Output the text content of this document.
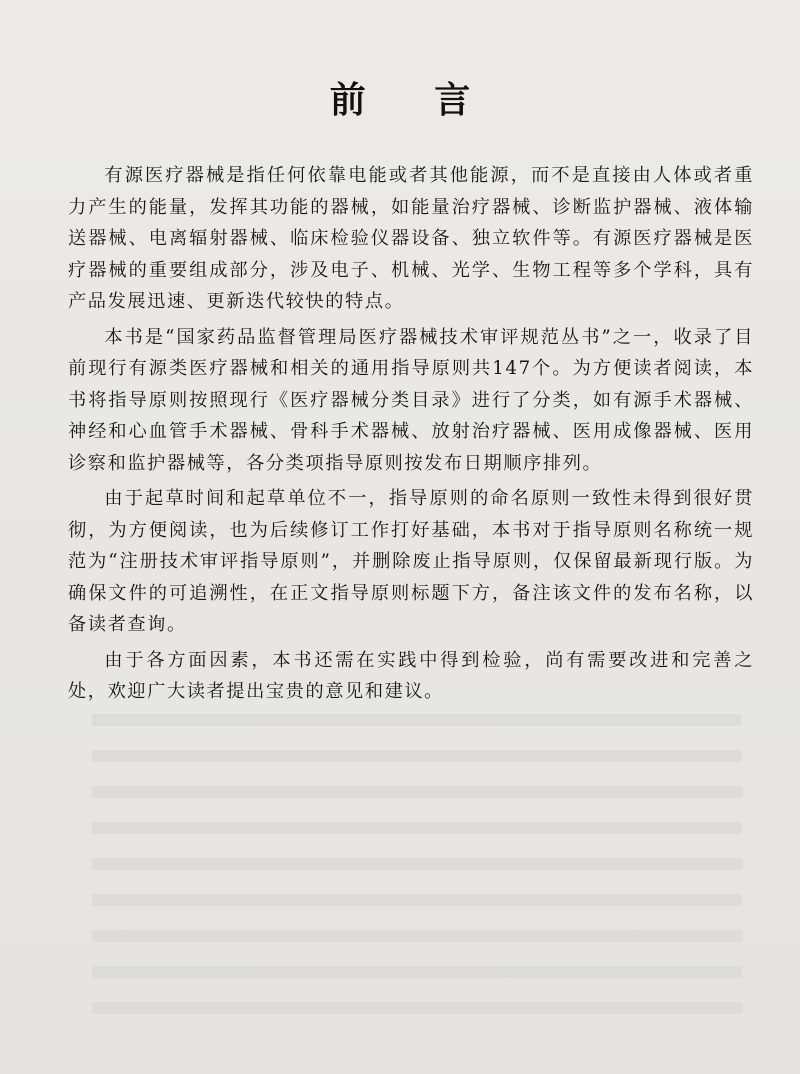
前 言

有源医疗器械是指任何依靠电能或者其他能源，而不是直接由人体或者重力产生的能量，发挥其功能的器械，如能量治疗器械、诊断监护器械、液体输送器械、电离辐射器械、临床检验仪器设备、独立软件等。有源医疗器械是医疗器械的重要组成部分，涉及电子、机械、光学、生物工程等多个学科，具有产品发展迅速、更新迭代较快的特点。

本书是“国家药品监督管理局医疗器械技术审评规范丛书”之一，收录了目前现行有源类医疗器械和相关的通用指导原则共147个。为方便读者阅读，本书将指导原则按照现行《医疗器械分类目录》进行了分类，如有源手术器械、神经和心血管手术器械、骨科手术器械、放射治疗器械、医用成像器械、医用诊察和监护器械等，各分类项指导原则按发布日期顺序排列。

由于起草时间和起草单位不一，指导原则的命名原则一致性未得到很好贯彻，为方便阅读，也为后续修订工作打好基础，本书对于指导原则名称统一规范为“注册技术审评指导原则”，并删除废止指导原则，仅保留最新现行版。为确保文件的可追溯性，在正文指导原则标题下方，备注该文件的发布名称，以备读者查询。

由于各方面因素，本书还需在实践中得到检验，尚有需要改进和完善之处，欢迎广大读者提出宝贵的意见和建议。
